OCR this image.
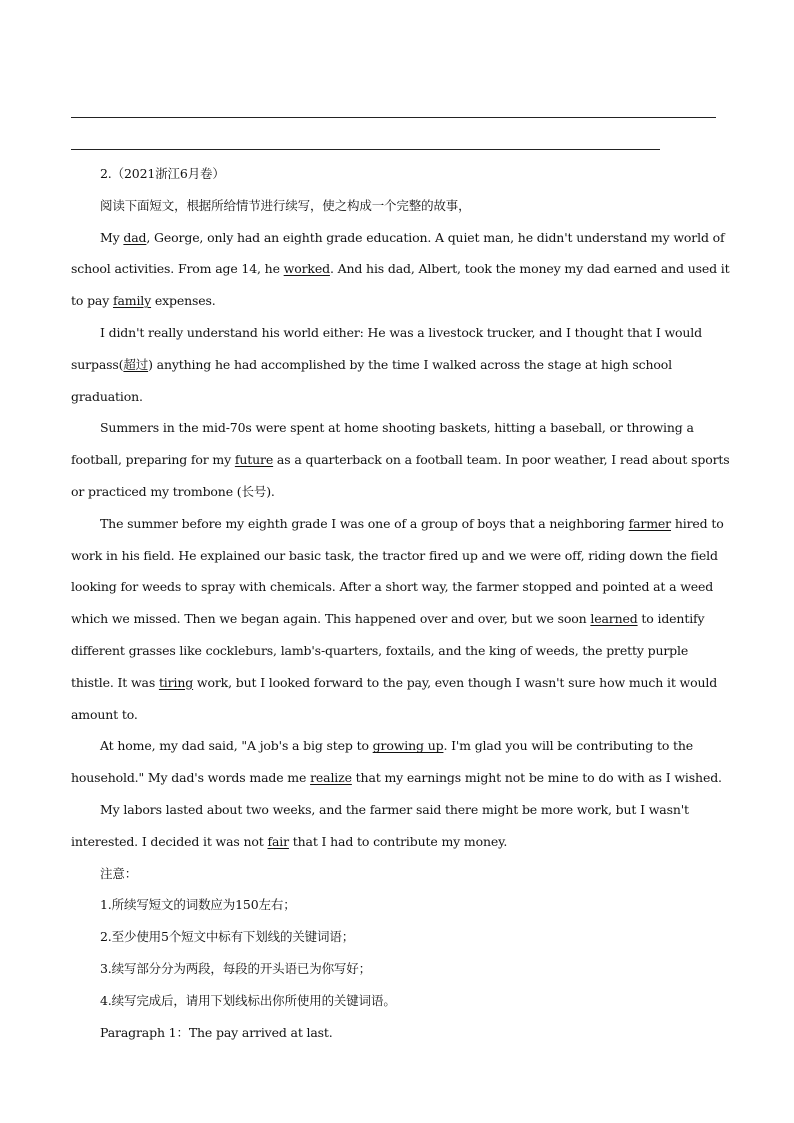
2.（2021浙江6月卷）

阅读下面短文，根据所给情节进行续写，使之构成一个完整的故事，

My dad, George, only had an eighth grade education. A quiet man, he didn't understand my world of school activities. From age 14, he worked. And his dad, Albert, took the money my dad earned and used it to pay family expenses.

I didn't really understand his world either: He was a livestock trucker, and I thought that I would surpass(超过) anything he had accomplished by the time I walked across the stage at high school graduation.

Summers in the mid-70s were spent at home shooting baskets, hitting a baseball, or throwing a football, preparing for my future as a quarterback on a football team. In poor weather, I read about sports or practiced my trombone (长号).

The summer before my eighth grade I was one of a group of boys that a neighboring farmer hired to work in his field. He explained our basic task, the tractor fired up and we were off, riding down the field looking for weeds to spray with chemicals. After a short way, the farmer stopped and pointed at a weed which we missed. Then we began again. This happened over and over, but we soon learned to identify different grasses like cockleburs, lamb's-quarters, foxtails, and the king of weeds, the pretty purple thistle. It was tiring work, but I looked forward to the pay, even though I wasn't sure how much it would amount to.

At home, my dad said, "A job's a big step to growing up. I'm glad you will be contributing to the household." My dad's words made me realize that my earnings might not be mine to do with as I wished.

My labors lasted about two weeks, and the farmer said there might be more work, but I wasn't interested. I decided it was not fair that I had to contribute my money.

注意：

1.所续写短文的词数应为150左右；

2.至少使用5个短文中标有下划线的关键词语；

3.续写部分分为两段，每段的开头语已为你写好；

4.续写完成后，请用下划线标出你所使用的关键词语。

Paragraph 1：The pay arrived at last.
